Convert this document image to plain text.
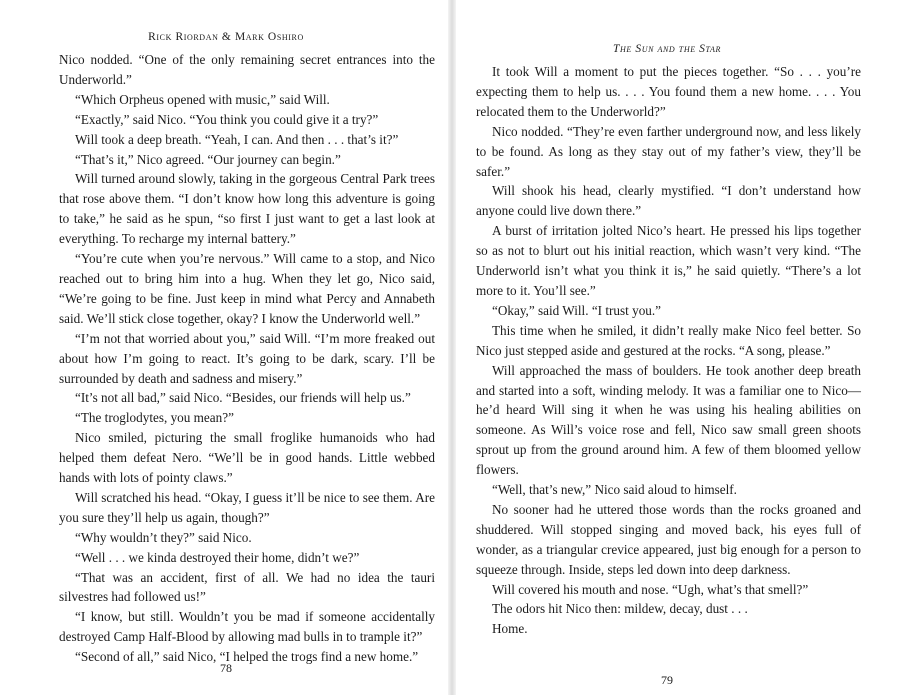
Rick Riordan & Mark Oshiro

Nico nodded. “One of the only remaining secret entrances into the Underworld.”

“Which Orpheus opened with music,” said Will.

“Exactly,” said Nico. “You think you could give it a try?”

Will took a deep breath. “Yeah, I can. And then . . . that’s it?”

“That’s it,” Nico agreed. “Our journey can begin.”

Will turned around slowly, taking in the gorgeous Central Park trees that rose above them. “I don’t know how long this adventure is going to take,” he said as he spun, “so first I just want to get a last look at everything. To recharge my internal battery.”

“You’re cute when you’re nervous.” Will came to a stop, and Nico reached out to bring him into a hug. When they let go, Nico said, “We’re going to be fine. Just keep in mind what Percy and Annabeth said. We’ll stick close together, okay? I know the Underworld well.”

“I’m not that worried about you,” said Will. “I’m more freaked out about how I’m going to react. It’s going to be dark, scary. I’ll be surrounded by death and sadness and misery.”

“It’s not all bad,” said Nico. “Besides, our friends will help us.”

“The troglodytes, you mean?”

Nico smiled, picturing the small froglike humanoids who had helped them defeat Nero. “We’ll be in good hands. Little webbed hands with lots of pointy claws.”

Will scratched his head. “Okay, I guess it’ll be nice to see them. Are you sure they’ll help us again, though?”

“Why wouldn’t they?” said Nico.

“Well . . . we kinda destroyed their home, didn’t we?”

“That was an accident, first of all. We had no idea the tauri silvestres had followed us!”

“I know, but still. Wouldn’t you be mad if someone accidentally destroyed Camp Half-Blood by allowing mad bulls in to trample it?”

“Second of all,” said Nico, “I helped the trogs find a new home.”

78
The Sun and the Star

It took Will a moment to put the pieces together. “So . . . you’re expecting them to help us. . . . You found them a new home. . . . You relocated them to the Underworld?”

Nico nodded. “They’re even farther underground now, and less likely to be found. As long as they stay out of my father’s view, they’ll be safer.”

Will shook his head, clearly mystified. “I don’t understand how anyone could live down there.”

A burst of irritation jolted Nico’s heart. He pressed his lips together so as not to blurt out his initial reaction, which wasn’t very kind. “The Underworld isn’t what you think it is,” he said quietly. “There’s a lot more to it. You’ll see.”

“Okay,” said Will. “I trust you.”

This time when he smiled, it didn’t really make Nico feel better. So Nico just stepped aside and gestured at the rocks. “A song, please.”

Will approached the mass of boulders. He took another deep breath and started into a soft, winding melody. It was a familiar one to Nico—he’d heard Will sing it when he was using his healing abilities on someone. As Will’s voice rose and fell, Nico saw small green shoots sprout up from the ground around him. A few of them bloomed yellow flowers.

“Well, that’s new,” Nico said aloud to himself.

No sooner had he uttered those words than the rocks groaned and shuddered. Will stopped singing and moved back, his eyes full of wonder, as a triangular crevice appeared, just big enough for a person to squeeze through. Inside, steps led down into deep darkness.

Will covered his mouth and nose. “Ugh, what’s that smell?”

The odors hit Nico then: mildew, decay, dust . . .

Home.

79
